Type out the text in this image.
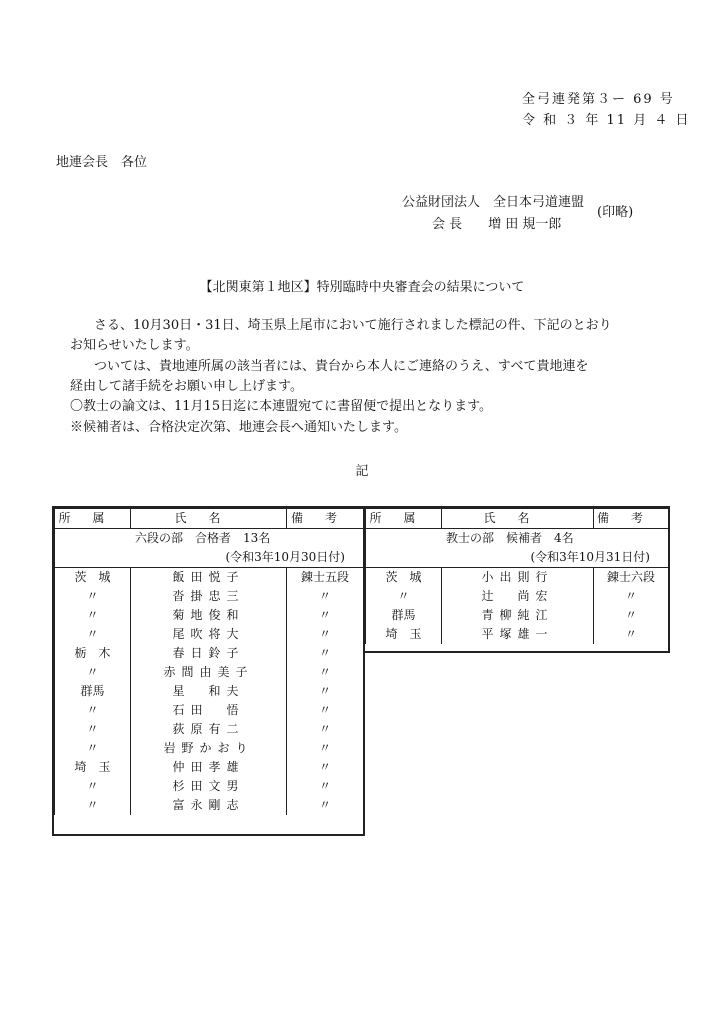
全弓連発第３ー 69 号
令 和 ３ 年 11 月 ４ 日
地連会長　各位
公益財団法人　全日本弓道連盟
会 長　　増 田 規一郎
(印略)
【北関東第１地区】特別臨時中央審査会の結果について
さる、10月30日・31日、埼玉県上尾市において施行されました標記の件、下記のとおり
お知らせいたします。
ついては、貴地連所属の該当者には、貴台から本人にご連絡のうえ、すべて貴地連を
経由して諸手続をお願い申し上げます。
〇教士の論文は、11月15日迄に本連盟宛てに書留便で提出となります。
※候補者は、合格決定次第、地連会長へ通知いたします。
記
所属	氏名	備考
六段の部　合格者　13名		
(令和3年10月30日付)		
茨　城	飯田悦子	錬士五段
〃	沓掛忠三	〃
〃	菊地俊和	〃
〃	尾吹将大	〃
栃　木	春日鈴子	〃
〃	赤間由美子	〃
群馬	星　和夫	〃
〃	石田　悟	〃
〃	荻原有二	〃
〃	岩野かおり	〃
埼　玉	仲田孝雄	〃
〃	杉田文男	〃
〃	富永剛志	〃
所属	氏名	備考
教士の部　候補者　4名		
(令和3年10月31日付)		
茨　城	小出則行	錬士六段
〃	辻　尚宏	〃
群馬	青柳純江	〃
埼　玉	平塚雄一	〃
